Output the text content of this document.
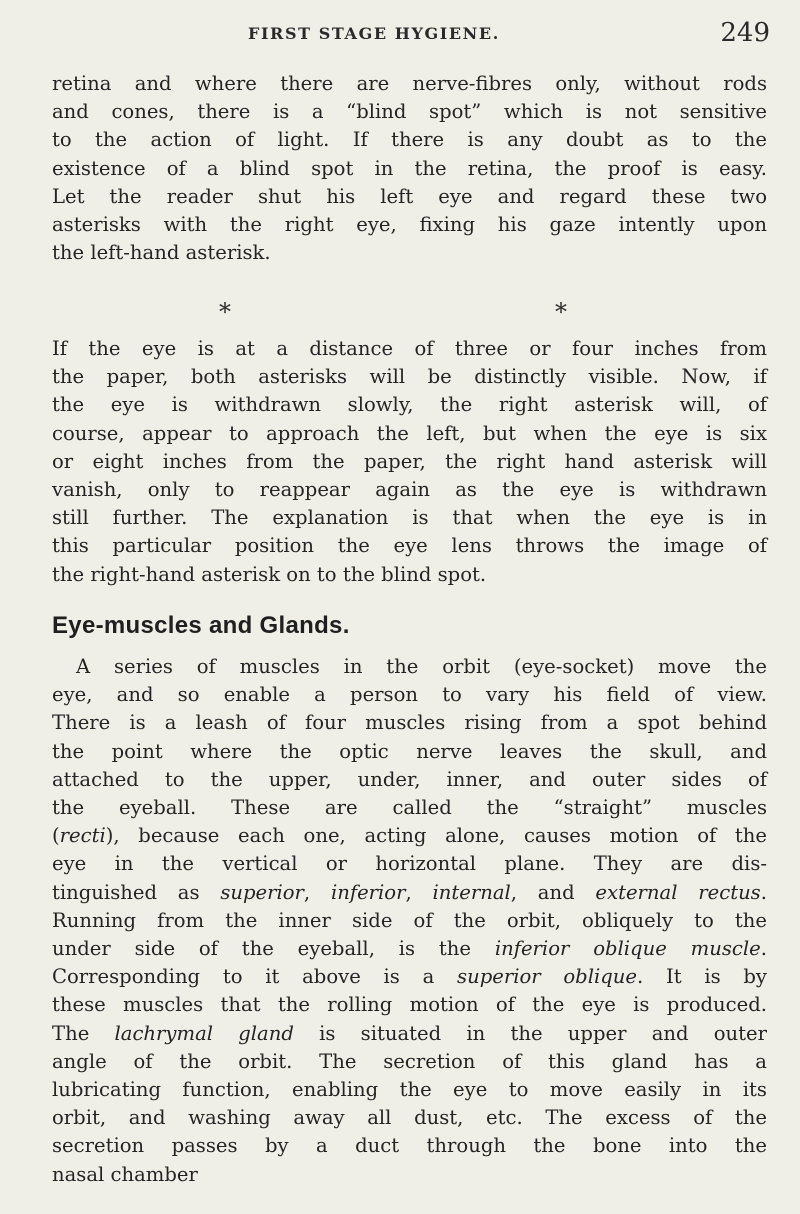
FIRST STAGE HYGIENE.	249
retina and where there are nerve-fibres only, without rods
and cones, there is a “blind spot” which is not sensitive
to the action of light. If there is any doubt as to the
existence of a blind spot in the retina, the proof is easy.
Let the reader shut his left eye and regard these two
asterisks with the right eye, fixing his gaze intently upon
the left-hand asterisk.
*	*
If the eye is at a distance of three or four inches from
the paper, both asterisks will be distinctly visible. Now, if
the eye is withdrawn slowly, the right asterisk will, of
course, appear to approach the left, but when the eye is six
or eight inches from the paper, the right hand asterisk will
vanish, only to reappear again as the eye is withdrawn
still further. The explanation is that when the eye is in
this particular position the eye lens throws the image of
the right-hand asterisk on to the blind spot.
Eye-muscles and Glands.
A series of muscles in the orbit (eye-socket) move the
eye, and so enable a person to vary his field of view.
There is a leash of four muscles rising from a spot behind
the point where the optic nerve leaves the skull, and
attached to the upper, under, inner, and outer sides of
the eyeball. These are called the “straight” muscles
(recti), because each one, acting alone, causes motion of the
eye in the vertical or horizontal plane. They are dis-
tinguished as superior, inferior, internal, and external rectus.
Running from the inner side of the orbit, obliquely to the
under side of the eyeball, is the inferior oblique muscle.
Corresponding to it above is a superior oblique. It is by
these muscles that the rolling motion of the eye is produced.
The lachrymal gland is situated in the upper and outer
angle of the orbit. The secretion of this gland has a
lubricating function, enabling the eye to move easily in its
orbit, and washing away all dust, etc. The excess of the
secretion passes by a duct through the bone into the
nasal chamber
